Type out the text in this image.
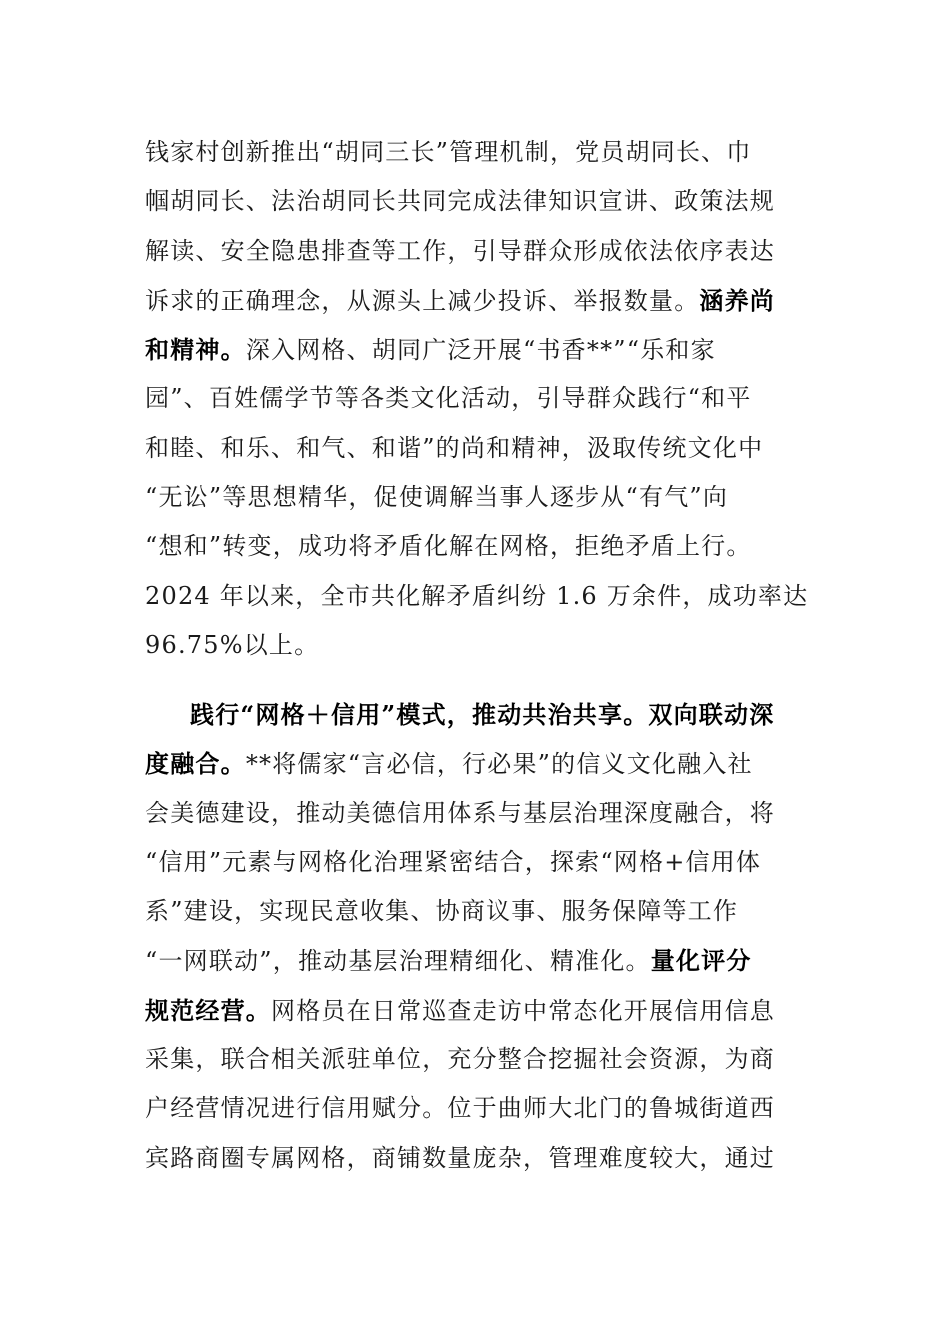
钱家村创新推出“胡同三长”管理机制，党员胡同长、巾
帼胡同长、法治胡同长共同完成法律知识宣讲、政策法规
解读、安全隐患排查等工作，引导群众形成依法依序表达
诉求的正确理念，从源头上减少投诉、举报数量。涵养尚
和精神。深入网格、胡同广泛开展“书香**”“乐和家
园”、百姓儒学节等各类文化活动，引导群众践行“和平
和睦、和乐、和气、和谐”的尚和精神，汲取传统文化中
“无讼”等思想精华，促使调解当事人逐步从“有气”向
“想和”转变，成功将矛盾化解在网格，拒绝矛盾上行。
2024 年以来，全市共化解矛盾纠纷 1.6 万余件，成功率达
96.75%以上。
践行“网格＋信用”模式，推动共治共享。双向联动深
度融合。**将儒家“言必信，行必果”的信义文化融入社
会美德建设，推动美德信用体系与基层治理深度融合，将
“信用”元素与网格化治理紧密结合，探索“网格+信用体
系”建设，实现民意收集、协商议事、服务保障等工作
“一网联动”，推动基层治理精细化、精准化。量化评分
规范经营。网格员在日常巡查走访中常态化开展信用信息
采集，联合相关派驻单位，充分整合挖掘社会资源，为商
户经营情况进行信用赋分。位于曲师大北门的鲁城街道西
宾路商圈专属网格，商铺数量庞杂，管理难度较大，通过
